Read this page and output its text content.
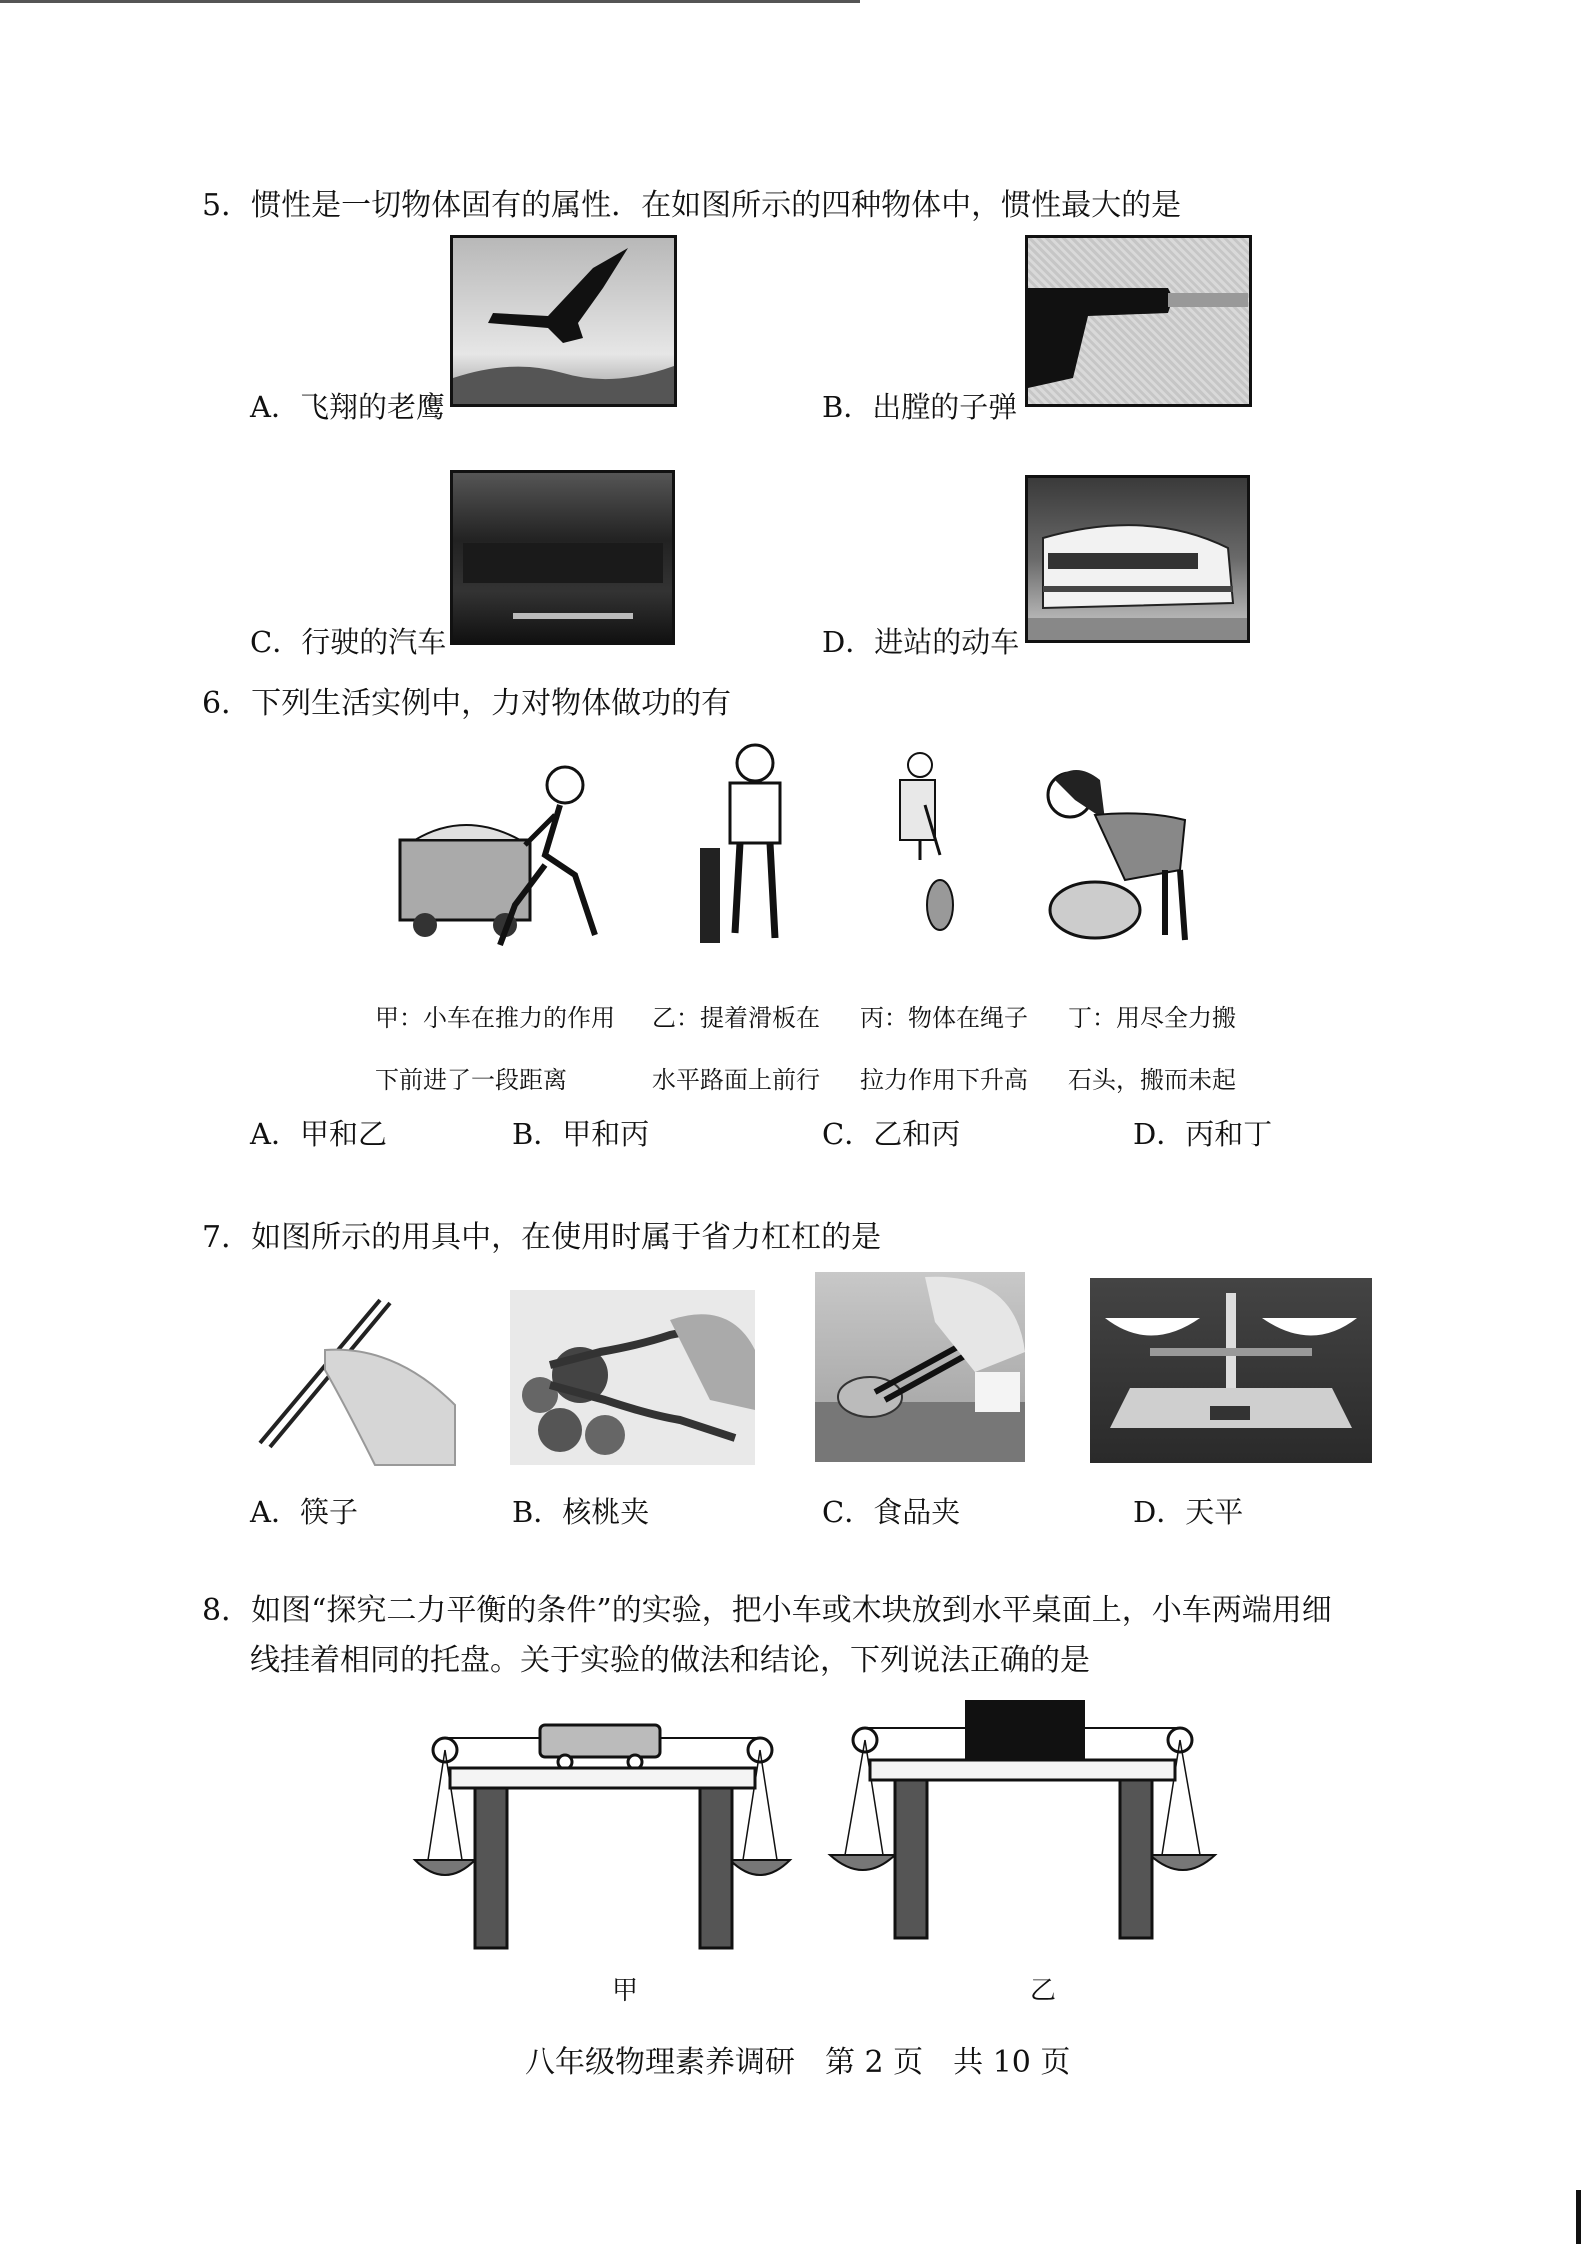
5．惯性是一切物体固有的属性．在如图所示的四种物体中，惯性最大的是
A．飞翔的老鹰	B．出膛的子弹
C．行驶的汽车	D．进站的动车
6．下列生活实例中，力对物体做功的有
甲：小车在推力的作用
下前进了一段距离
乙：提着滑板在
水平路面上前行
丙：物体在绳子
拉力作用下升高
丁：用尽全力搬
石头，搬而未起
A．甲和乙	B．甲和丙	C．乙和丙	D．丙和丁
7．如图所示的用具中，在使用时属于省力杠杠的是
A．筷子	B．核桃夹	C．食品夹	D．天平
8．如图“探究二力平衡的条件”的实验，把小车或木块放到水平桌面上，小车两端用细
线挂着相同的托盘。关于实验的做法和结论，下列说法正确的是
甲	乙
八年级物理素养调研　第 2 页　共 10 页
